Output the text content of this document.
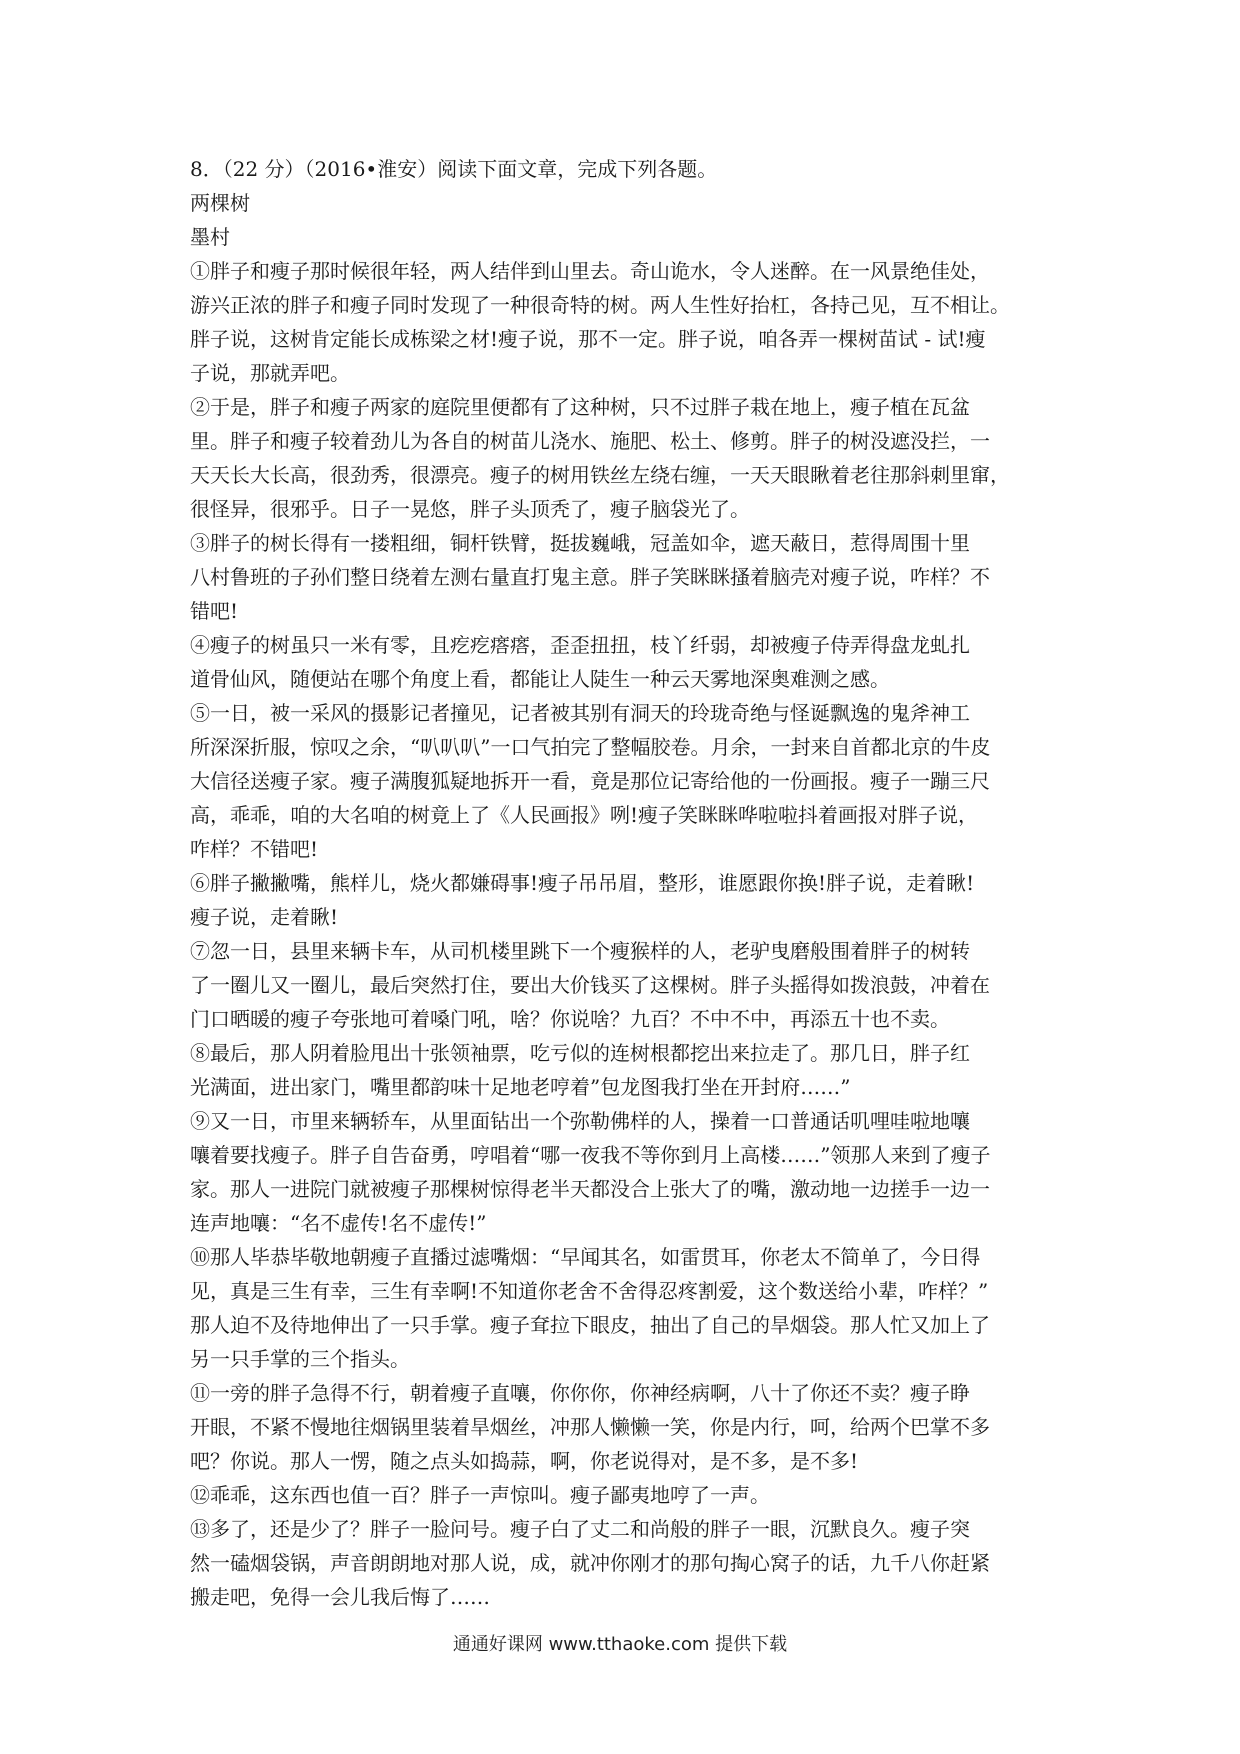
8．（22 分）（2016•淮安）阅读下面文章，完成下列各题。

两棵树

墨村

①胖子和瘦子那时候很年轻，两人结伴到山里去。奇山诡水，令人迷醉。在一风景绝佳处，
游兴正浓的胖子和瘦子同时发现了一种很奇特的树。两人生性好抬杠，各持己见，互不相让。
胖子说，这树肯定能长成栋梁之材!瘦子说，那不一定。胖子说，咱各弄一棵树苗试 - 试!瘦
子说，那就弄吧。

②于是，胖子和瘦子两家的庭院里便都有了这种树，只不过胖子栽在地上，瘦子植在瓦盆
里。胖子和瘦子较着劲儿为各自的树苗儿浇水、施肥、松土、修剪。胖子的树没遮没拦，一
天天长大长高，很劲秀，很漂亮。瘦子的树用铁丝左绕右缠，一天天眼瞅着老往那斜刺里窜，
很怪异，很邪乎。日子一晃悠，胖子头顶秃了，瘦子脑袋光了。

③胖子的树长得有一搂粗细，铜杆铁臂，挺拔巍峨，冠盖如伞，遮天蔽日，惹得周围十里
八村鲁班的子孙们整日绕着左测右量直打鬼主意。胖子笑眯眯搔着脑壳对瘦子说，咋样？不
错吧!

④瘦子的树虽只一米有零，且疙疙瘩瘩，歪歪扭扭，枝丫纤弱，却被瘦子侍弄得盘龙虬扎
道骨仙风，随便站在哪个角度上看，都能让人陡生一种云天雾地深奥难测之感。

⑤一日，被一采风的摄影记者撞见，记者被其别有洞天的玲珑奇绝与怪诞飘逸的鬼斧神工
所深深折服，惊叹之余，“叭叭叭”一口气拍完了整幅胶卷。月余，一封来自首都北京的牛皮
大信径送瘦子家。瘦子满腹狐疑地拆开一看，竟是那位记寄给他的一份画报。瘦子一蹦三尺
高，乖乖，咱的大名咱的树竟上了《人民画报》咧!瘦子笑眯眯哗啦啦抖着画报对胖子说，
咋样？不错吧!

⑥胖子撇撇嘴，熊样儿，烧火都嫌碍事!瘦子吊吊眉，整形，谁愿跟你换!胖子说，走着瞅!
瘦子说，走着瞅!

⑦忽一日，县里来辆卡车，从司机楼里跳下一个瘦猴样的人，老驴曳磨般围着胖子的树转
了一圈儿又一圈儿，最后突然打住，要出大价钱买了这棵树。胖子头摇得如拨浪鼓，冲着在
门口晒暖的瘦子夸张地可着嗓门吼，啥？你说啥？九百？不中不中，再添五十也不卖。

⑧最后，那人阴着脸甩出十张领袖票，吃亏似的连树根都挖出来拉走了。那几日，胖子红
光满面，进出家门，嘴里都韵味十足地老哼着”包龙图我打坐在开封府……”

⑨又一日，市里来辆轿车，从里面钻出一个弥勒佛样的人，操着一口普通话叽哩哇啦地嚷
嚷着要找瘦子。胖子自告奋勇，哼唱着“哪一夜我不等你到月上高楼……”领那人来到了瘦子
家。那人一进院门就被瘦子那棵树惊得老半天都没合上张大了的嘴，激动地一边搓手一边一
连声地嚷：“名不虚传!名不虚传!”

⑩那人毕恭毕敬地朝瘦子直播过滤嘴烟：“早闻其名，如雷贯耳，你老太不简单了，今日得
见，真是三生有幸，三生有幸啊!不知道你老舍不舍得忍疼割爱，这个数送给小辈，咋样？”
那人迫不及待地伸出了一只手掌。瘦子耷拉下眼皮，抽出了自己的旱烟袋。那人忙又加上了
另一只手掌的三个指头。

⑪一旁的胖子急得不行，朝着瘦子直嚷，你你你，你神经病啊，八十了你还不卖？瘦子睁
开眼，不紧不慢地往烟锅里装着旱烟丝，冲那人懒懒一笑，你是内行，呵，给两个巴掌不多
吧？你说。那人一愣，随之点头如捣蒜，啊，你老说得对，是不多，是不多!

⑫乖乖，这东西也值一百？胖子一声惊叫。瘦子鄙夷地哼了一声。

⑬多了，还是少了？胖子一脸问号。瘦子白了丈二和尚般的胖子一眼，沉默良久。瘦子突
然一磕烟袋锅，声音朗朗地对那人说，成，就冲你刚才的那句掏心窝子的话，九千八你赶紧
搬走吧，免得一会儿我后悔了……

通通好课网 www.tthaoke.com 提供下载
